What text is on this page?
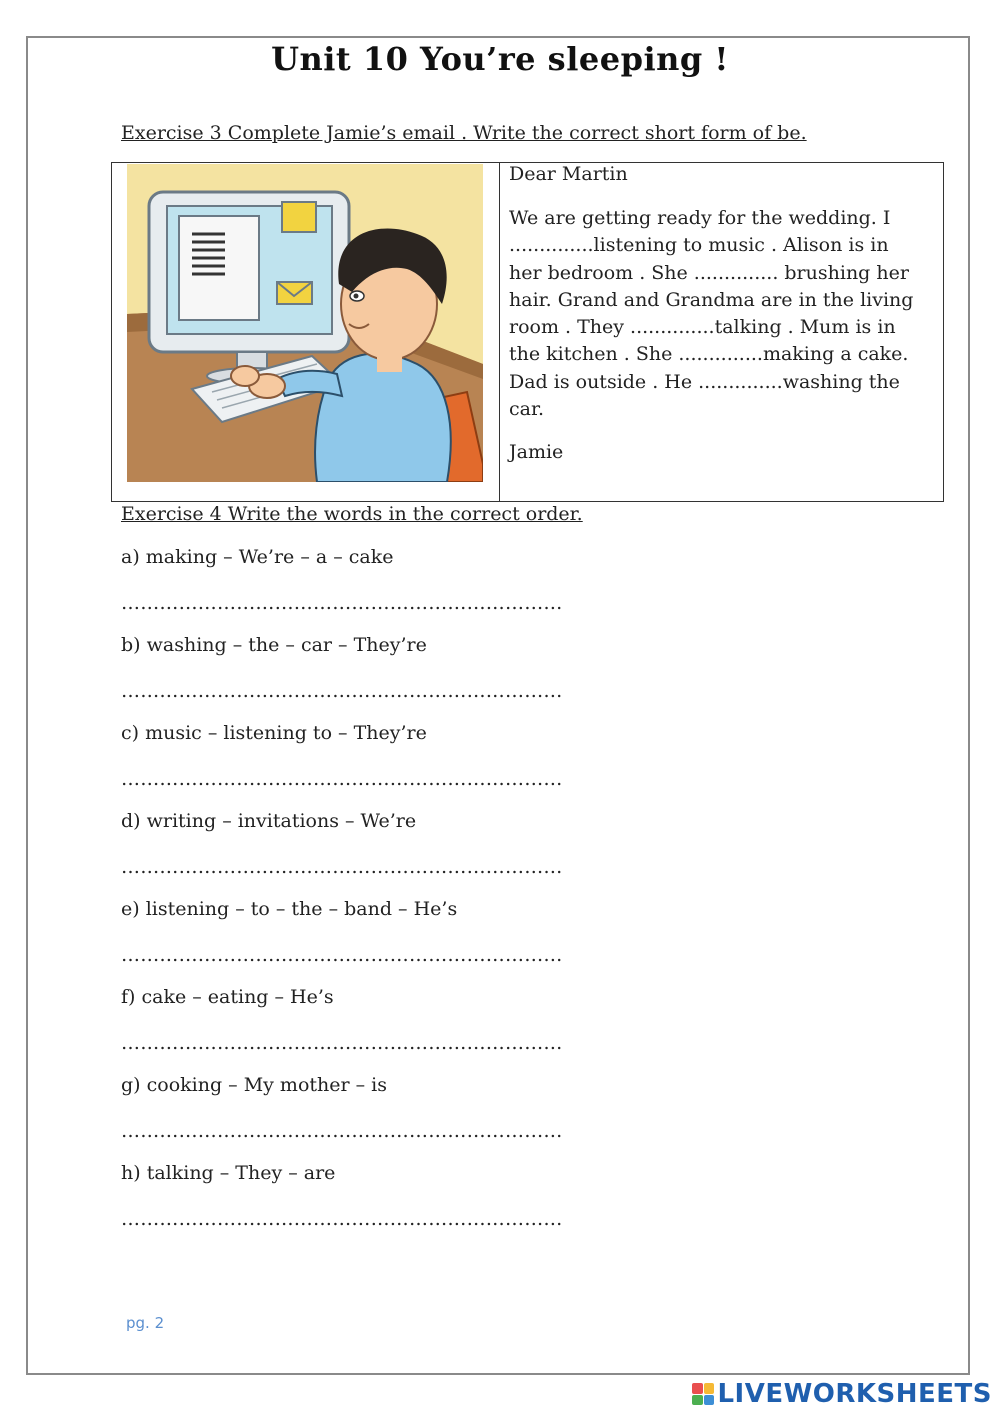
Unit 10 You’re sleeping !
Exercise 3 Complete Jamie’s email . Write the correct short form of be.
Dear Martin
We are getting ready for the wedding. I
..............listening to music . Alison is in
her bedroom . She .............. brushing her
hair. Grand and Grandma are in the living
room . They ..............talking . Mum is in
the kitchen . She ..............making a cake.
Dad is outside . He ..............washing the
car.
Jamie
Exercise 4 Write the words in the correct order.
a) making – We’re – a – cake
……………………………………………………………
b) washing – the – car – They’re
……………………………………………………………
c) music – listening to – They’re
……………………………………………………………
d) writing – invitations – We’re
……………………………………………………………
e) listening – to – the – band – He’s
……………………………………………………………
f) cake – eating – He’s
……………………………………………………………
g) cooking – My mother – is
……………………………………………………………
h) talking – They – are
……………………………………………………………
pg. 2
LIVEWORKSHEETS
